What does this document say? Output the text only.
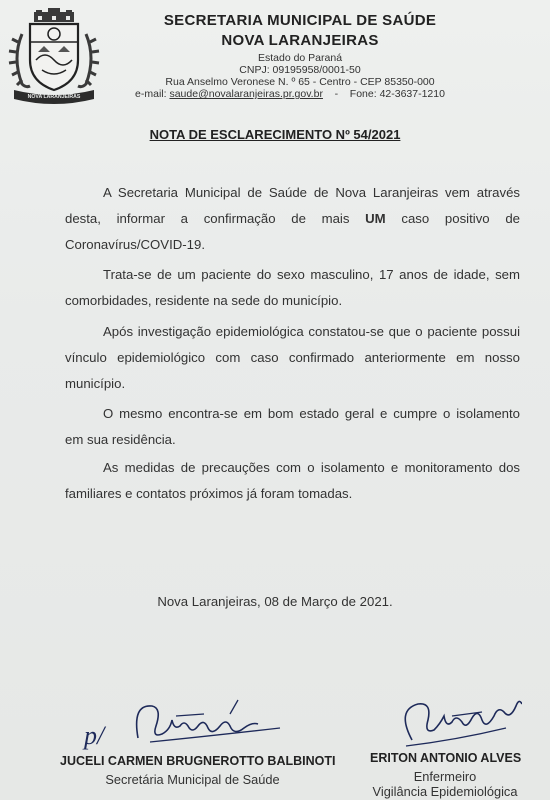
NOVA LARANJEIRAS
SECRETARIA MUNICIPAL DE SAÚDE
NOVA LARANJEIRAS
Estado do Paraná
CNPJ: 09195958/0001-50
Rua Anselmo Veronese N. º 65 - Centro - CEP 85350-000
e-mail: saude@novalaranjeiras.pr.gov.br    -    Fone: 42-3637-1210
NOTA DE ESCLARECIMENTO Nº 54/2021

A Secretaria Municipal de Saúde de Nova Laranjeiras vem através desta, informar a confirmação de mais UM caso positivo de Coronavírus/COVID-19.

Trata-se de um paciente do sexo masculino, 17 anos de idade, sem comorbidades, residente na sede do município.

Após investigação epidemiológica constatou-se que o paciente possui vínculo epidemiológico com caso confirmado anteriormente em nosso município.

O mesmo encontra-se em bom estado geral e cumpre o isolamento em sua residência.

As medidas de precauções com o isolamento e monitoramento dos familiares e contatos próximos já foram tomadas.

Nova Laranjeiras, 08 de Março de 2021.
p/
JUCELI CARMEN BRUGNEROTTO BALBINOTI
Secretária Municipal de Saúde
ERITON ANTONIO ALVES
Enfermeiro
Vigilância Epidemiológica
